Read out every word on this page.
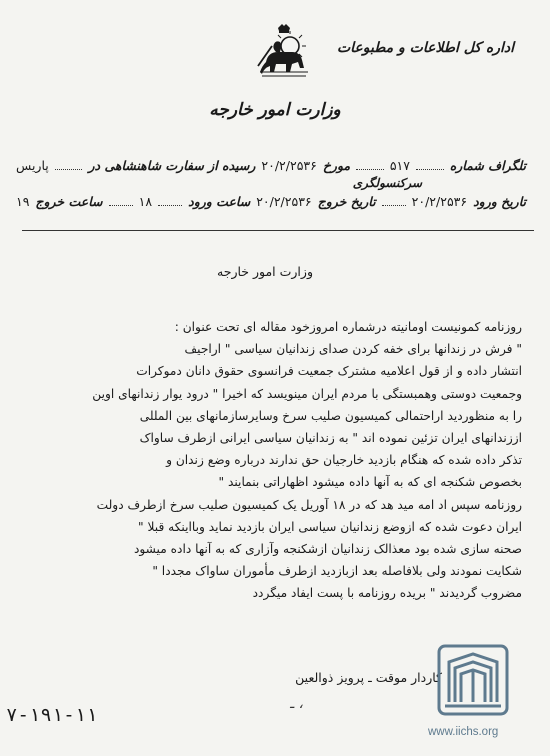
اداره کل اطلاعات و مطبوعات
وزارت امور خارجه
تلگراف شماره
۵۱۷
مورخ
۲۰/۲/۲۵۳۶
رسیده از سفارت شاهنشاهی در
پاریس
سرکنسولگری
تاریخ ورود
۲۰/۲/۲۵۳۶
تاریخ خروج
۲۰/۲/۲۵۳۶
ساعت ورود
۱۸
ساعت خروج
۱۹
وزارت امور خارجه

روزنامه کمونیست اومانیته درشماره امروزخود مقاله ای تحت عنوان :

" فرش در زندانها برای خفه کردن صدای زندانیان سیاسی " اراجیف

انتشار داده و از قول اعلامیه مشترک جمعیت فرانسوی حقوق دانان دموکرات

وجمعیت دوستی وهمبستگی با مردم ایران مینویسد که اخیرا " درود یوار زندانهای اوین

را به منظوردید اراحتمالی کمیسیون صلیب سرخ وسایرسازمانهای بین المللی

اززندانهای ایران تزئین نموده اند " به زندانیان سیاسی ایرانی ازطرف ساواک

تذکر داده شده که هنگام بازدید خارجیان حق ندارند درباره وضع زندان و

بخصوص شکنجه ای که به آنها داده میشود اظهاراتی بنمایند "

روزنامه سپس اد امه مید هد که در ۱۸ آوریل یک کمیسیون صلیب سرخ ازطرف دولت

ایران دعوت شده که ازوضع زندانیان سیاسی ایران بازدید نماید وبااینکه قبلا "

صحنه سازی شده بود معذالک زندانیان ازشکنجه وآزاری که به آنها داده میشود

شکایت نمودند ولی بلافاصله بعد ازبازدید ازطرف مأموران ساواک مجددا "

مضروب گردیدند " بریده روزنامه با پست ایفاد میگردد

کاردار موقت ـ پرویز ذوالعین
ـ ،
۷-۱۹۱-۱۱
www.iichs.org
